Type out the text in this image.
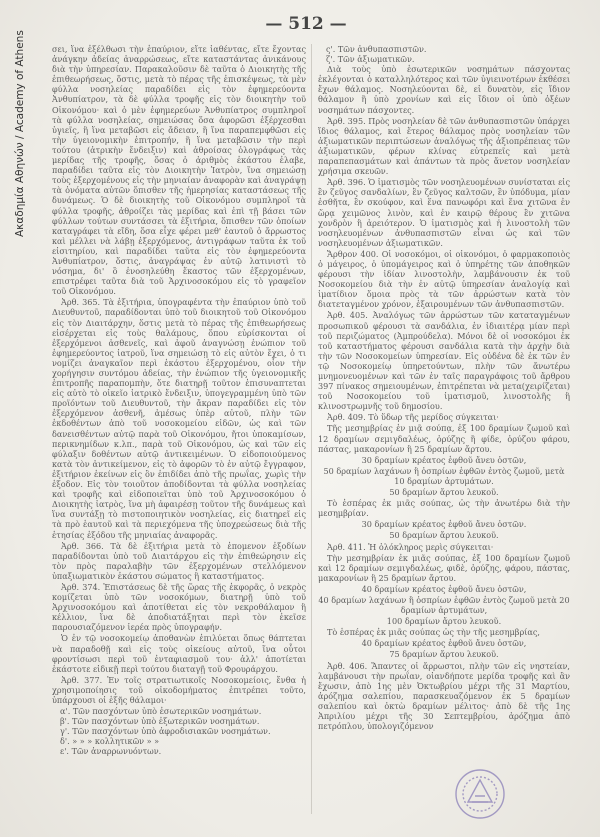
Ακαδημία Αθηνών / Academy of Athens
— 512 —

σει, ἵνα ἐξέλθωσι τὴν ἐπαύριον, εἴτε ἰαθέντας, εἴτε ἔχοντας ἀνάγκην ἀδείας ἀναρρώσεως, εἴτε καταστάντας ἀνικάνους διὰ τὴν ὑπηρεσίαν. Παρακαλοῦσιν δὲ ταῦτα ὁ Διοικητὴς τῆς ἐπιθεωρήσεως, ὅστις, μετὰ τὸ πέρας τῆς ἐπισκέψεως, τὰ μὲν φύλλα νοσηλείας παραδίδει εἰς τὸν ἐφημερεύοντα Ἀνθυπίατρον, τὰ δὲ φύλλα τροφῆς εἰς τὸν διοικητὴν τοῦ Οἰκονόμου· καὶ ὁ μὲν ἐφημερεύων Ἀνθυπίατρος συμπληροῖ τὰ φύλλα νοσηλείας, σημειώσας ὅσα ἀφορῶσι ἐξέρχεσθαι ὑγιεῖς, ἢ ἵνα μεταβῶσι εἰς ἄδειαν, ἢ ἵνα παραπεμφθῶσι εἰς τὴν ὑγειονομικὴν ἐπιτροπήν, ἢ ἵνα μεταβῶσιν τὴν περὶ τούτου (ἀτρικὴν ἔνδειξιν) καὶ ἀθροίσας ὁλογράφως τὰς μερίδας τῆς τροφῆς, ὅσας ὁ ἀριθμὸς ἐκάστου ἐλαβε, παραδίδει ταῦτα εἰς τὸν Διοικητὴν Ἰατρὸν, ἵνα σημειώσῃ τοὺς ἐξερχομένους εἰς τὴν μηνιαίαν ἀναφορὰν καὶ ἀναγράψῃ τὰ ὀνόματα αὐτῶν ὅπισθεν τῆς ἡμερησίας καταστάσεως τῆς δυνάμεως. Ὁ δὲ διοικητὴς τοῦ Οἰκονόμου συμπληροῖ τὰ φύλλα τροφῆς, ἀθροίζει τὰς μερίδας καὶ ἐπὶ τῇ βάσει τῶν φύλλων τούτων συντάσσει τὰ ἐξιτήρια, ὅπισθεν τῶν ὁποίων καταγράφει τὰ εἴδη, ὅσα εἶχε φέρει μεθ' ἑαυτοῦ ὁ ἄρρωστος καὶ μέλλει νὰ λάβῃ ἐξερχόμενος, ἀντιγράφων ταῦτα ἐκ τοῦ εἰσιτηρίου, καὶ παραδίδει ταῦτα εἰς τὸν ἐφημερεύοντα Ἀνθυπίατρον, ὅστις, ἀναγράψας ἐν αὐτῷ λατινιστὶ τὸ νόσημα, δι' ὃ ἐνοσηλεύθη ἕκαστος τῶν ἐξερχομένων, επιστρέφει ταῦτα διὰ τοῦ Ἀρχινοσοκόμου εἰς τὸ γραφεῖον τοῦ Οἰκονόμου.

Ἀρθ. 365. Τὰ ἐξιτήρια, ὑπογραφέντα τὴν ἐπαύριον ὑπὸ τοῦ Διευθυντοῦ, παραδίδονται ὑπὸ τοῦ διοικητοῦ τοῦ Οἰκονόμου εἰς τὸν Διαιτάρχην, ὅστις μετὰ τὸ πέρας τῆς ἐπιθεωρήσεως εἰσέρχεται εἰς τοὺς θαλάμους, ὅπου εὑρίσκονται οἱ ἐξερχόμενοι ἀσθενεῖς, καὶ ἀφοῦ ἀναγνώσῃ ἐνώπιον τοῦ ἐφημερεύοντος ἰατροῦ, ἵνα σημειώσῃ τὸ εἰς αὐτὸν ἔχει, ὁ τι νομίζει ἀναγκαῖον περὶ ἑκάστου ἐξερχομένου, οἷον τὴν χορήγησιν συντόμου ἀδείας, τὴν ἐνώπιον τῆς ὑγειονομικῆς ἐπιτροπῆς παραπομπὴν, ὅτε διατηρῇ τοῦτον ἐπισυναπτεται εἰς αὐτὸ τὸ οἰκεῖο ἰατρικὸ ἔνδειξιν, ὑπογεγραμμένη ὑπὸ τῶν προϊόντων τοῦ Διευθυντοῦ, τὴν ἄκραν παραδίδει εἰς τὸν ἐξερχόμενον ἀσθενῆ, ἀμέσως ὑπὲρ αὐτοῦ, πλὴν τῶν ἐκδοθέντων ἀπὸ τοῦ νοσοκομείου εἰδῶν, ὡς καὶ τῶν δανεισθέντων αὐτῷ παρὰ τοῦ Οἰκονόμου, ἤτοι ὑποκαμίσων, περικνημίδων κ.λπ., παρὰ τοῦ Οἰκονόμου, ὡς καὶ τῶν εἰς φύλαξιν δοθέντων αὐτῷ ἀντικειμένων. Ὁ εἰδοποιούμενος κατὰ τὸν ἀντικείμενον, εἰς τὸ ἀφορῶν τὸ ἐν αὐτῷ ἔγγραφον, ἐξιτήριον ἐκείνων εἰς ὃν ἐπιδίδει ἀπὸ τῆς πρωΐας, χωρὶς τὴν ἐξοδον. Εἰς τὸν τοιοῦτον ἀποδίδονται τὰ φύλλα νοσηλείας καὶ τροφῆς καὶ εἰδοποιεῖται ὑπὸ τοῦ Ἀρχινοσοκόμου ὁ Διοικητὴς ἰατρὸς, ἵνα μὴ ἀφαιρέσῃ τοῦτον τῆς δυνάμεως καὶ ἵνα συντάξῃ τὸ πιστοποιητικὸν νοσηλείας, εἰς διατηρεῖ εἰς τὰ πρὸ ἑαυτοῦ καὶ τὰ περιεχόμενα τῆς ὑποχρεώσεως διὰ τῆς ἐτησίας ἐξόδου τῆς μηνιαίας ἀναφορᾶς.

Ἀρθ. 366. Τὰ δὲ ἐξιτήρια μετὰ τὸ ἐπομενον ἐξοδίων παραδίδονται ὑπὸ τοῦ Διαιτάρχου εἰς τὴν ἐπιθεώρησιν εἰς τὸν πρὸς παραλαβὴν τῶν ἐξερχομένων στελλόμενον ὑπαξιωματικὸν ἐκάστου σώματος ἢ καταστήματος.

Ἀρθ. 374. Ἐπιστάσεως δὲ τῆς ὥρας τῆς ἐκφορᾶς, ὁ νεκρὸς κομίζεται ὑπὸ τῶν νοσοκόμων, διατηρῇ ὑπὸ τοῦ Ἀρχινοσοκόμου καὶ ἀποτίθεται εἰς τὸν νεκροθάλαμον ἢ κέλλιον, ἵνα δὲ ἀποδιατάξηται περὶ τὸν ἐκεῖσε παρουσιαζόμενον ἱερέα πρὸς ὑπογραφήν.

Ὁ ἐν τῷ νοσοκομείῳ ἀποθανὼν ἐπιλύεται ὅπως θάπτεται νὰ παραδοθῇ καὶ εἰς τοὺς οἰκείους αὐτοῦ, ἵνα οὗτοι φροντίσωσι περὶ τοῦ ἐνταφιασμοῦ του· ἀλλ' ἀποτίεται ἑκάστοτε εἰδικῇ περὶ τούτου διαταγῇ τοῦ Φρουράρχου.

Ἀρθ. 377. Ἐν τοῖς στρατιωτικοῖς Νοσοκομείοις, ἔνθα ἡ χρησιμοποίησις τοῦ οἰκοδομήματος ἐπιτρέπει τοῦτο, ὑπάρχουσι οἱ ἑξῆς θάλαμοι·

α'. Τῶν πασχόντων ὑπὸ ἐσωτερικῶν νοσημάτων.

β'. Τῶν πασχόντων ὑπὸ ἐξωτερικῶν νοσημάτων.

γ'. Τῶν πασχόντων ὑπὸ ἀφροδισιακῶν νοσημάτων.

δ'. » » » κολλητικῶν » »

ε'. Τῶν ἀναρρωνυόντων.

ς'. Τῶν ἀνθυπασπιστῶν.

ζ'. Τῶν ἀξιωματικῶν.

Διὰ τοὺς ὑπὸ ἐσωτερικῶν νοσημάτων πάσχοντας ἐκλέγονται ὁ καταλληλότερος καὶ τῶν ὑγιεινοτέρων ἐκθέσει ἔχων θάλαμος. Νοσηλεύονται δὲ, εἰ δυνατὸν, εἰς ἴδιον θάλαμον ἢ ὑπὸ χρονίων καὶ εἰς ἴδιον οἱ ὑπὸ ὀξέων νοσημάτων πάσχοντες.

Ἀρθ. 395. Πρὸς νοσηλείαν δὲ τῶν ἀνθυπασπιστῶν ὑπάρχει ἴδιος θάλαμος, καὶ ἕτερος θάλαμος πρὸς νοσηλείαν τῶν ἀξιωματικῶν περιπτώσεων ἀναλόγως τῆς ἀξιοπρέπειας τῶν ἀξιωματικῶν, φέρων κλίνας εὐτρεπεῖς καὶ μετὰ παραπεπασμάτων καὶ ἁπάντων τὰ πρὸς ἄνετον νοσηλείαν χρήσιμα σκευῶν.

Ἀρθ. 396. Ὁ ἱματισμὸς τῶν νοσηλευομένων συνίσταται εἰς ἓν ζεῦγος σανδαλίων, ἓν ζεῦγος καλτσῶν, ἓν ὑπόδυμα, μίαν ἐσθῆτα, ἓν σκούφον, καὶ ἕνα πανωφόρι καὶ ἕνα χιτῶνα ἐν ὥρᾳ χειμῶνος λινὸν, καὶ ἐν καιρῷ θέρους ἓν χιτῶνα χονδρὸν ἢ ἀρειότερον. Ὁ ἱματισμὸς καὶ ἡ λινοστολὴ τῶν νοσηλευομένων ἀνθυπασπιστῶν εἶναι ὡς καὶ τῶν νοσηλευομένων ἀξιωματικῶν.

Ἄρθρον 400. Οἱ νοσοκόμοι, οἱ οἰκονόμοι, ὁ φαρμακοποιὸς ὁ μάγειρος, ὁ ὑπομάγειρος καὶ ὁ ὑπηρέτης τῶν ἀποθηκῶν φέρουσι τὴν ἰδίαν λινοστολὴν, λαμβάνουσιν ἐκ τοῦ Νοσοκομείου διὰ τὴν ἐν αὐτῷ ὑπηρεσίαν ἀναλογίᾳ καὶ ἱματίδιον ὅμοια πρὸς τὰ τῶν ἀρρώστων κατὰ τὸν διατεταγμένον χρόνον, ἐξαιρουμένων τῶν ἀνθυπασπιστῶν.

Ἀρθ. 405. Ἀναλόγως τῶν ἀρρώστων τῶν καταταγμένων προσωπικοῦ φέρουσι τὰ σανδάλια, ἐν ἰδιαιτέρᾳ μίαν περὶ τοῦ περιζώματος (Ἀμπρούδελα). Μόνοι δὲ οἱ νοσοκόμοι ἐκ τοῦ καταστήματος φέρουσι σανδάλια κατὰ τὴν ἀρχὴν διὰ τὴν τῶν Νοσοκομείων ὑπηρεσίαν. Εἰς οὐδένα δὲ ἐκ τῶν ἐν τῷ Νοσοκομείῳ ὑπηρετούντων, πλὴν τῶν ἄνωτέρω μνημονευομένων καὶ τῶν ἐν ταῖς παραγράφοις τοῦ ἄρθρου 397 πίνακος σημειουμένων, ἐπιτρέπεται νὰ μετα(χειρίζεται) τοῦ Νοσοκομείου τοῦ ἱματισμοῦ, λινοστολῆς ἢ κλινοστρωμνῆς τοῦ δημοσίου.

Ἀρθ. 409. Τὸ ὕδωρ τῆς μερίδος σύγκειται·

Τῆς μεσημβρίας ἐν μιᾷ σούπᾳ, ἐξ 100 δραμίων ζωμοῦ καὶ 12 δραμίων σεμιγδαλέως, ὀρύζης ἢ φίδε, ὀρύζου φάρου, πάστας, μακαρονίων ἢ 25 δραμίων ἄρτου.

30 δραμίων κρέατος ἑφθοῦ ἄνευ ὀστῶν,

50 δραμίων λαχάνων ἢ ὀσπρίων ἑφθῶν ἐντὸς ζωμοῦ, μετὰ 10 δραμίων ἀρτυμάτων.

50 δραμίων ἄρτου λευκοῦ.

Τὸ ἑσπέρας ἐκ μιᾶς σούπας, ὡς τὴν ἀνωτέρω διὰ τὴν μεσημβρίαν.

30 δραμίων κρέατος ἑφθοῦ ἄνευ ὀστῶν.

50 δραμίων ἄρτου λευκοῦ.

Ἀρθ. 411. Ἡ ὁλόκληρος μερὶς σύγκειται·

Τὴν μεσημβρίαν ἐκ μιᾶς σούπας, ἐξ 100 δραμίων ζωμοῦ καὶ 12 δραμίων σεμιγδαλέως, φιδὲ, ὀρύζης, φάρου, πάστας, μακαρονίων ἢ 25 δραμίων ἄρτου.

40 δραμίων κρέατος ἑφθοῦ ἄνευ ὀστῶν,

40 δραμίων λαχάνων ἢ ὀσπρίων ἑφθῶν ἐντὸς ζωμοῦ μετὰ 20 δραμίων ἀρτυμάτων,

100 δραμίων ἄρτου λευκοῦ.

Τὸ ἑσπέρας ἐκ μιᾶς σούπας ὡς τὴν τῆς μεσημβρίας,

40 δραμίων κρέατος ἑφθοῦ ἄνευ ὀστῶν,

75 δραμίων ἄρτου λευκοῦ.

Ἀρθ. 406. Ἅπαντες οἱ ἄρρωστοι, πλὴν τῶν εἰς νηστείαν, λαμβάνουσι τὴν πρωΐαν, οἰανδήποτε μερίδα τροφῆς καὶ ἂν ἔχωσιν, ἀπὸ 1ης μὲν Ὀκτωβρίου μέχρι τῆς 31 Μαρτίου, ἀρόζημα σαλεπίου, παρασκευαζόμενον ἐκ 5 δραμίων σαλεπίου καὶ ὀκτὼ δραμίων μέλιτος· ἀπὸ δὲ τῆς 1ης Ἀπριλίου μέχρι τῆς 30 Σεπτεμβρίου, ἀρόζημα ἀπὸ πετρόπλου, ὑπολογιζόμενον
